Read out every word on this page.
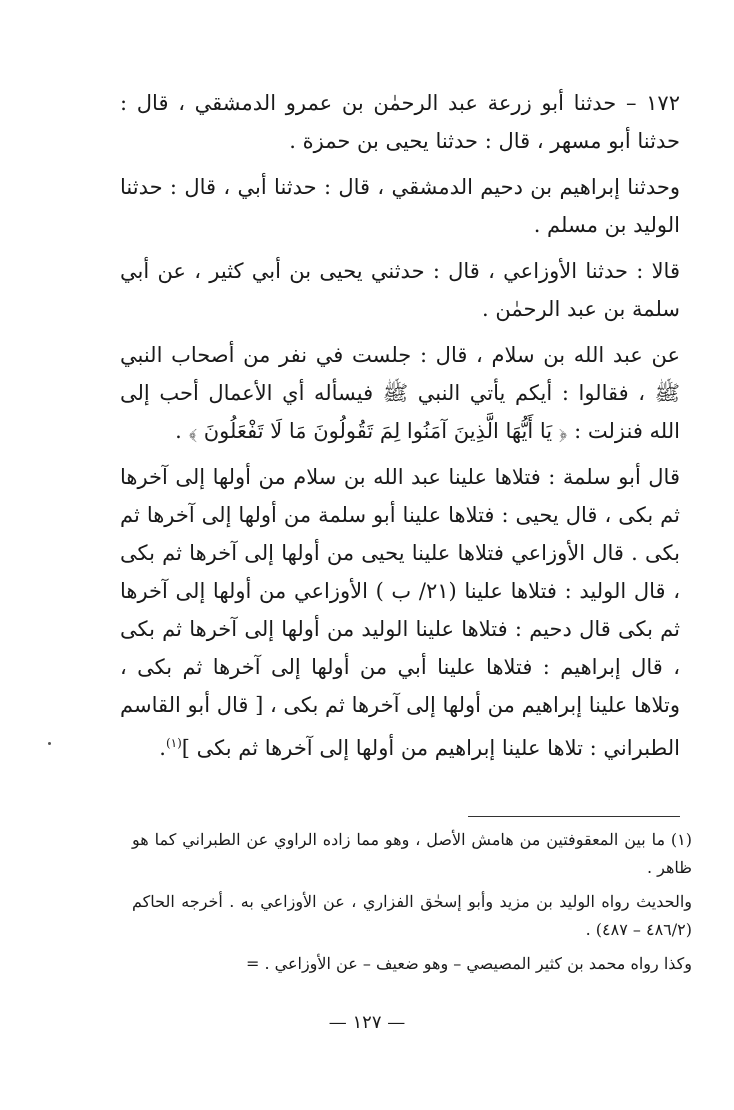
١٧٢ – حدثنا أبو زرعة عبد الرحمٰن بن عمرو الدمشقي ، قال : حدثنا أبو مسهر ، قال : حدثنا يحيى بن حمزة .

وحدثنا إبراهيم بن دحيم الدمشقي ، قال : حدثنا أبي ، قال : حدثنا الوليد بن مسلم .

قالا : حدثنا الأوزاعي ، قال : حدثني يحيى بن أبي كثير ، عن أبي سلمة بن عبد الرحمٰن .

عن عبد الله بن سلام ، قال : جلست في نفر من أصحاب النبي ﷺ ، فقالوا : أيكم يأتي النبي ﷺ فيسأله أي الأعمال أحب إلى الله فنزلت : ﴿ يَا أَيُّهَا الَّذِينَ آمَنُوا لِمَ تَقُولُونَ مَا لَا تَفْعَلُونَ ﴾ .

قال أبو سلمة : فتلاها علينا عبد الله بن سلام من أولها إلى آخرها ثم بكى ، قال يحيى : فتلاها علينا أبو سلمة من أولها إلى آخرها ثم بكى . قال الأوزاعي فتلاها علينا يحيى من أولها إلى آخرها ثم بكى ، قال الوليد : فتلاها علينا (٢١/ ب ) الأوزاعي من أولها إلى آخرها ثم بكى قال دحيم : فتلاها علينا الوليد من أولها إلى آخرها ثم بكى ، قال إبراهيم : فتلاها علينا أبي من أولها إلى آخرها ثم بكى ، وتلاها علينا إبراهيم من أولها إلى آخرها ثم بكى ، [ قال أبو القاسم الطبراني : تلاها علينا إبراهيم من أولها إلى آخرها ثم بكى ]$^{(١)}$.

(١) ما بين المعقوفتين من هامش الأصل ، وهو مما زاده الراوي عن الطبراني كما هو ظاهر .

والحديث رواه الوليد بن مزيد وأبو إسحٰق الفزاري ، عن الأوزاعي به . أخرجه الحاكم (٤٨٦/٢ – ٤٨٧) .

وكذا رواه محمد بن كثير المصيصي – وهو ضعيف – عن الأوزاعي . =

— ١٢٧ —
